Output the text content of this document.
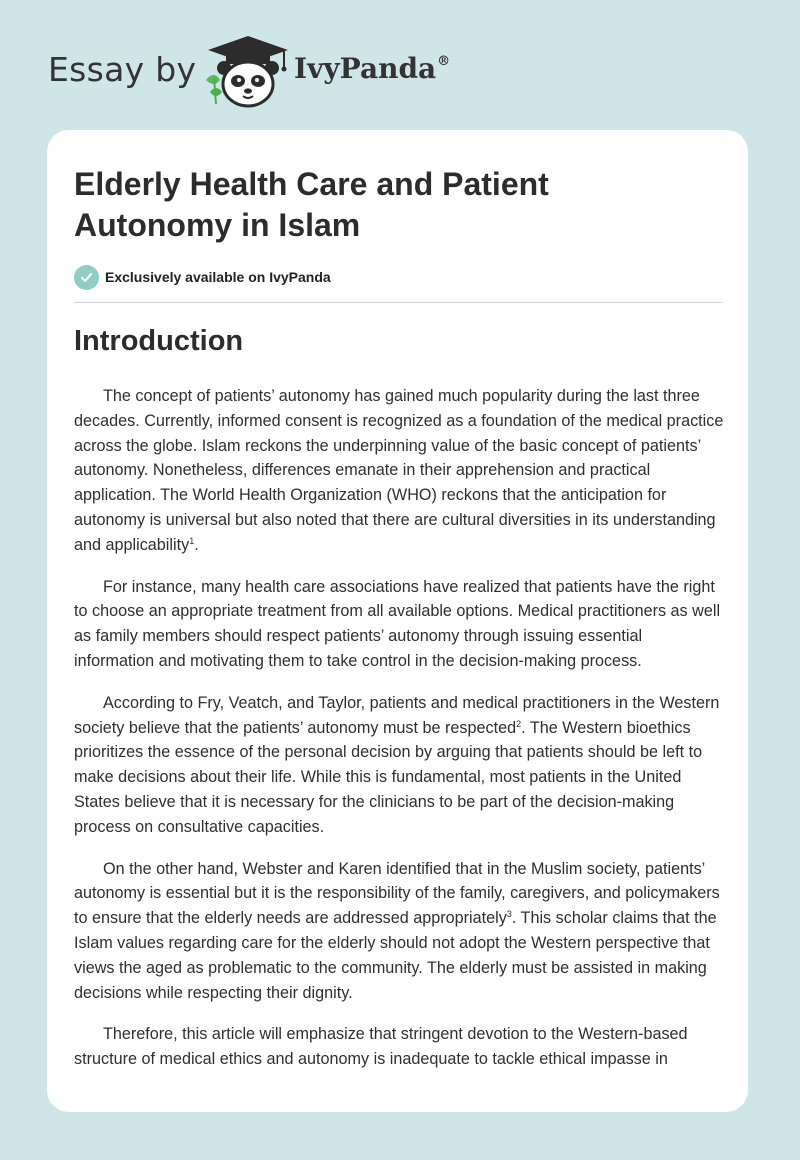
Essay by	IvyPanda®
Elderly Health Care and Patient Autonomy in Islam
Exclusively available on IvyPanda
Introduction

The concept of patients’ autonomy has gained much popularity during the last three decades. Currently, informed consent is recognized as a foundation of the medical practice across the globe. Islam reckons the underpinning value of the basic concept of patients’ autonomy. Nonetheless, differences emanate in their apprehension and practical application. The World Health Organization (WHO) reckons that the anticipation for autonomy is universal but also noted that there are cultural diversities in its understanding and applicability$^1$.

For instance, many health care associations have realized that patients have the right to choose an appropriate treatment from all available options. Medical practitioners as well as family members should respect patients’ autonomy through issuing essential information and motivating them to take control in the decision-making process.

According to Fry, Veatch, and Taylor, patients and medical practitioners in the Western society believe that the patients’ autonomy must be respected$^2$. The Western bioethics prioritizes the essence of the personal decision by arguing that patients should be left to make decisions about their life. While this is fundamental, most patients in the United States believe that it is necessary for the clinicians to be part of the decision-making process on consultative capacities.

On the other hand, Webster and Karen identified that in the Muslim society, patients’ autonomy is essential but it is the responsibility of the family, caregivers, and policymakers to ensure that the elderly needs are addressed appropriately$^3$. This scholar claims that the Islam values regarding care for the elderly should not adopt the Western perspective that views the aged as problematic to the community. The elderly must be assisted in making decisions while respecting their dignity.

Therefore, this article will emphasize that stringent devotion to the Western-based structure of medical ethics and autonomy is inadequate to tackle ethical impasse in
